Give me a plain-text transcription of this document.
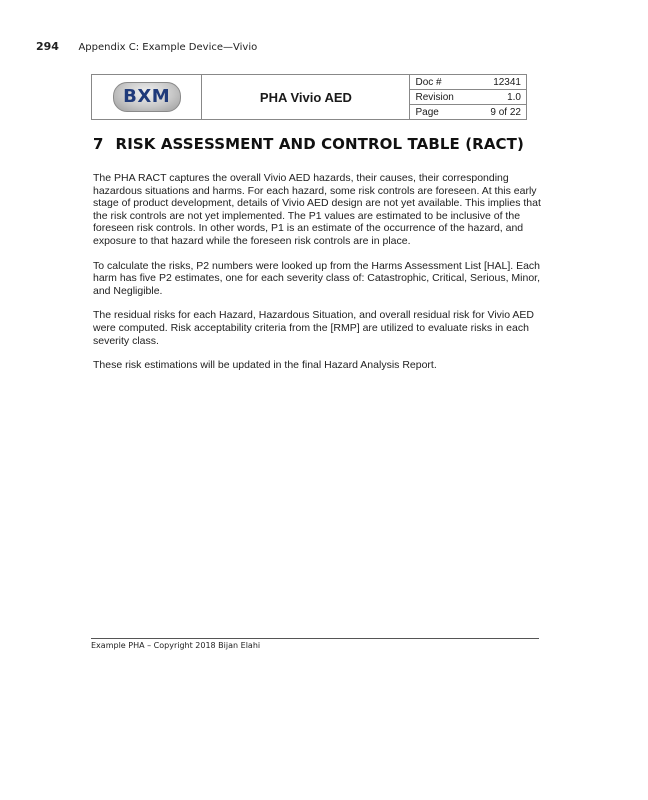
294 Appendix C: Example Device—Vivio
BXM	PHA Vivio AED	
Doc #	12341
Revision	1.0
Page	9 of 22
7 RISK ASSESSMENT AND CONTROL TABLE (RACT)

The PHA RACT captures the overall Vivio AED hazards, their causes, their corresponding hazardous situations and harms. For each hazard, some risk controls are foreseen. At this early stage of product development, details of Vivio AED design are not yet available. This implies that the risk controls are not yet implemented. The P1 values are estimated to be inclusive of the foreseen risk controls. In other words, P1 is an estimate of the occurrence of the hazard, and exposure to that hazard while the foreseen risk controls are in place.

To calculate the risks, P2 numbers were looked up from the Harms Assessment List [HAL]. Each harm has five P2 estimates, one for each severity class of: Catastrophic, Critical, Serious, Minor, and Negligible.

The residual risks for each Hazard, Hazardous Situation, and overall residual risk for Vivio AED were computed. Risk acceptability criteria from the [RMP] are utilized to evaluate risks in each severity class.

These risk estimations will be updated in the final Hazard Analysis Report.

Example PHA – Copyright 2018 Bijan Elahi
